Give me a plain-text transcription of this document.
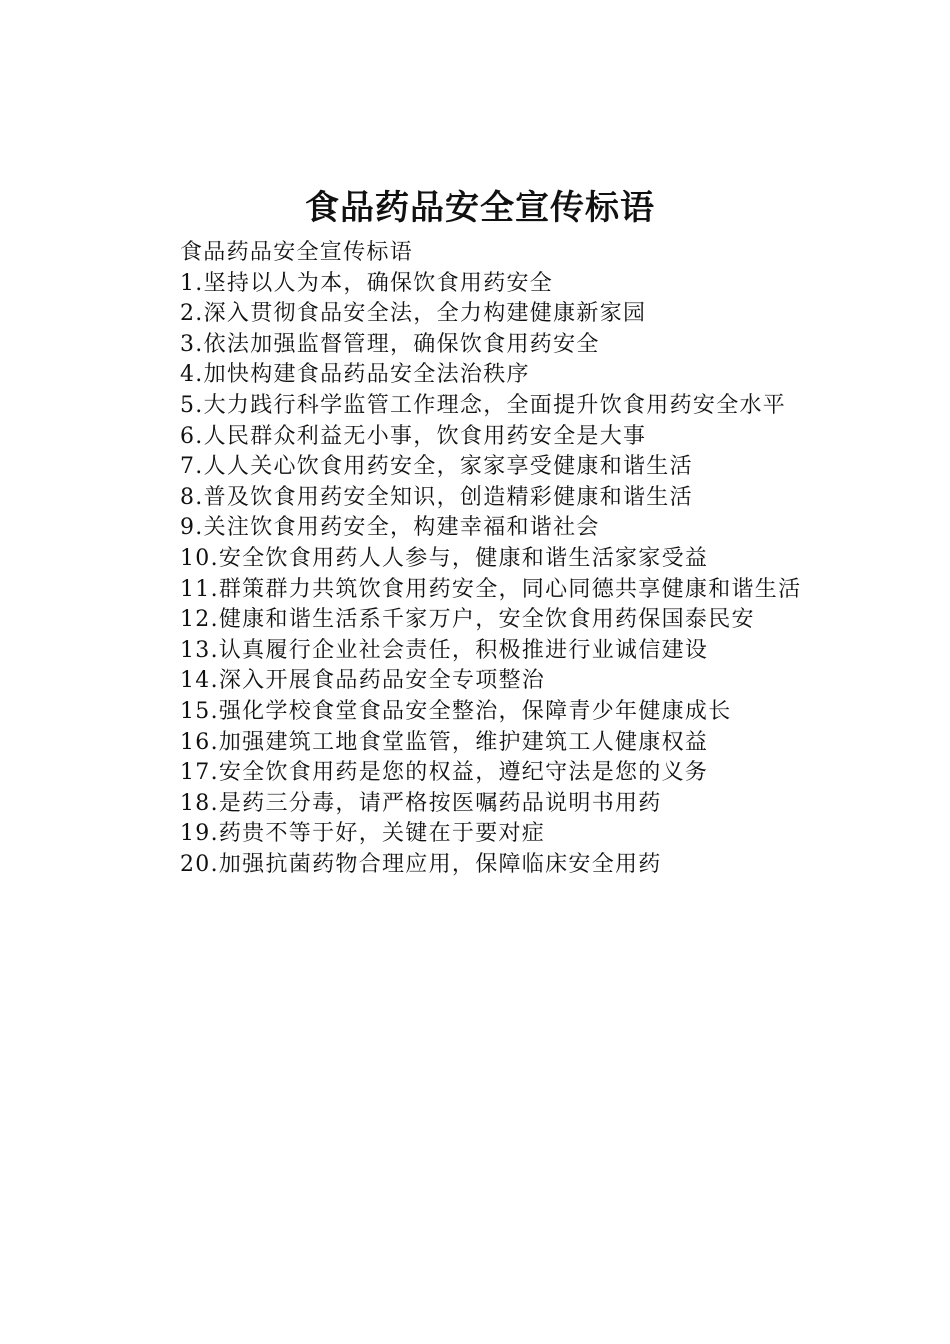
食品药品安全宣传标语

食品药品安全宣传标语

1.坚持以人为本，确保饮食用药安全

2.深入贯彻食品安全法，全力构建健康新家园

3.依法加强监督管理，确保饮食用药安全

4.加快构建食品药品安全法治秩序

5.大力践行科学监管工作理念，全面提升饮食用药安全水平

6.人民群众利益无小事，饮食用药安全是大事

7.人人关心饮食用药安全，家家享受健康和谐生活

8.普及饮食用药安全知识，创造精彩健康和谐生活

9.关注饮食用药安全，构建幸福和谐社会

10.安全饮食用药人人参与，健康和谐生活家家受益

11.群策群力共筑饮食用药安全，同心同德共享健康和谐生活

12.健康和谐生活系千家万户，安全饮食用药保国泰民安

13.认真履行企业社会责任，积极推进行业诚信建设

14.深入开展食品药品安全专项整治

15.强化学校食堂食品安全整治，保障青少年健康成长

16.加强建筑工地食堂监管，维护建筑工人健康权益

17.安全饮食用药是您的权益，遵纪守法是您的义务

18.是药三分毒，请严格按医嘱药品说明书用药

19.药贵不等于好，关键在于要对症

20.加强抗菌药物合理应用，保障临床安全用药
